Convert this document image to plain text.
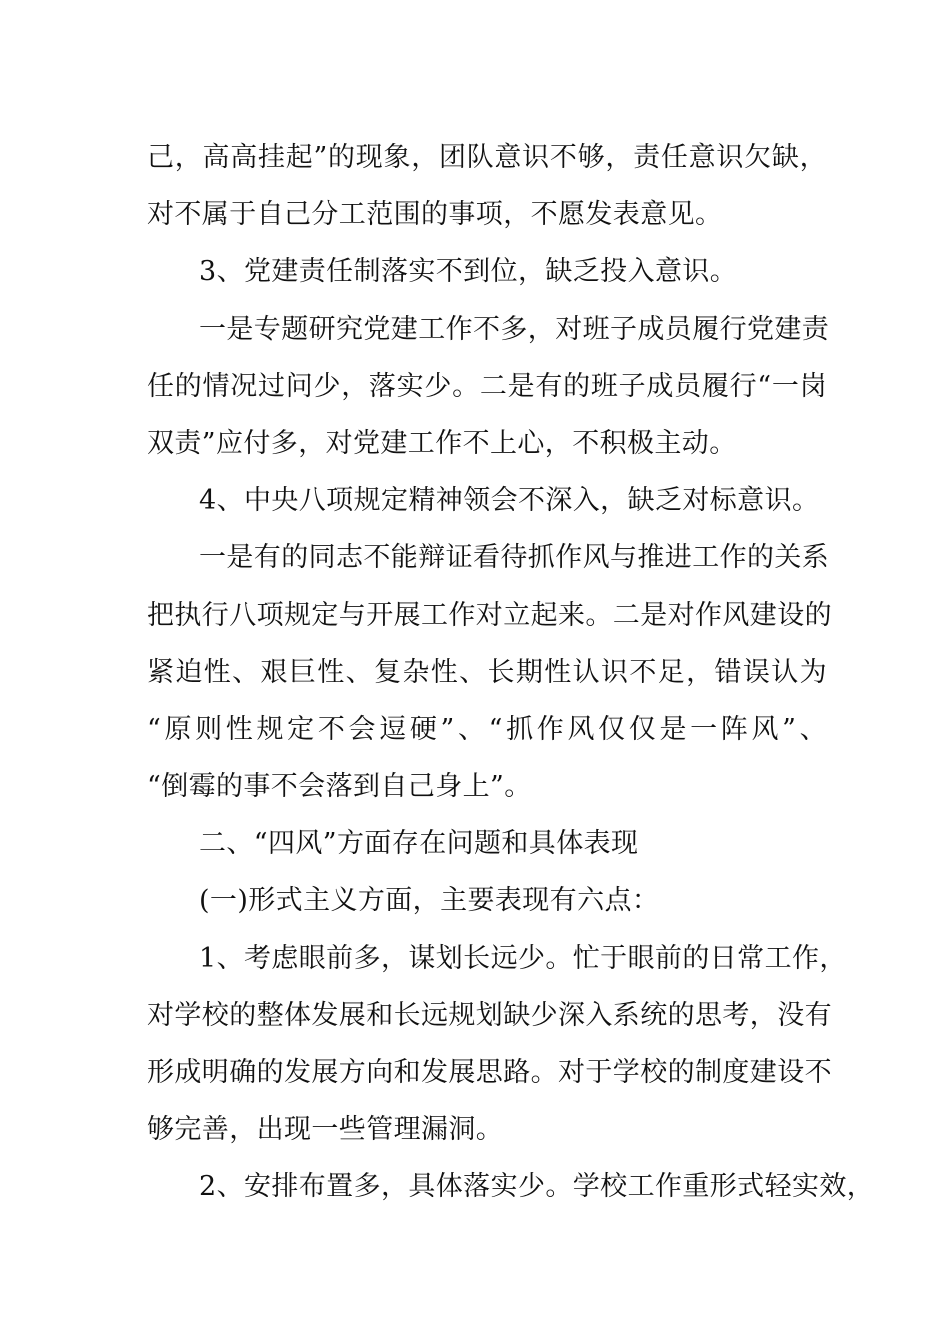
己，高高挂起”的现象，团队意识不够，责任意识欠缺，

对不属于自己分工范围的事项，不愿发表意见。

3、党建责任制落实不到位，缺乏投入意识。

一是专题研究党建工作不多，对班子成员履行党建责

任的情况过问少，落实少。二是有的班子成员履行“一岗

双责”应付多，对党建工作不上心，不积极主动。

4、中央八项规定精神领会不深入，缺乏对标意识。

一是有的同志不能辩证看待抓作风与推进工作的关系

把执行八项规定与开展工作对立起来。二是对作风建设的

紧迫性、艰巨性、复杂性、长期性认识不足，错误认为

“原则性规定不会逗硬”、“抓作风仅仅是一阵风”、

“倒霉的事不会落到自己身上”。

二、“四风”方面存在问题和具体表现

(一)形式主义方面，主要表现有六点：

1、考虑眼前多，谋划长远少。忙于眼前的日常工作，

对学校的整体发展和长远规划缺少深入系统的思考，没有

形成明确的发展方向和发展思路。对于学校的制度建设不

够完善，出现一些管理漏洞。

2、安排布置多，具体落实少。学校工作重形式轻实效，
